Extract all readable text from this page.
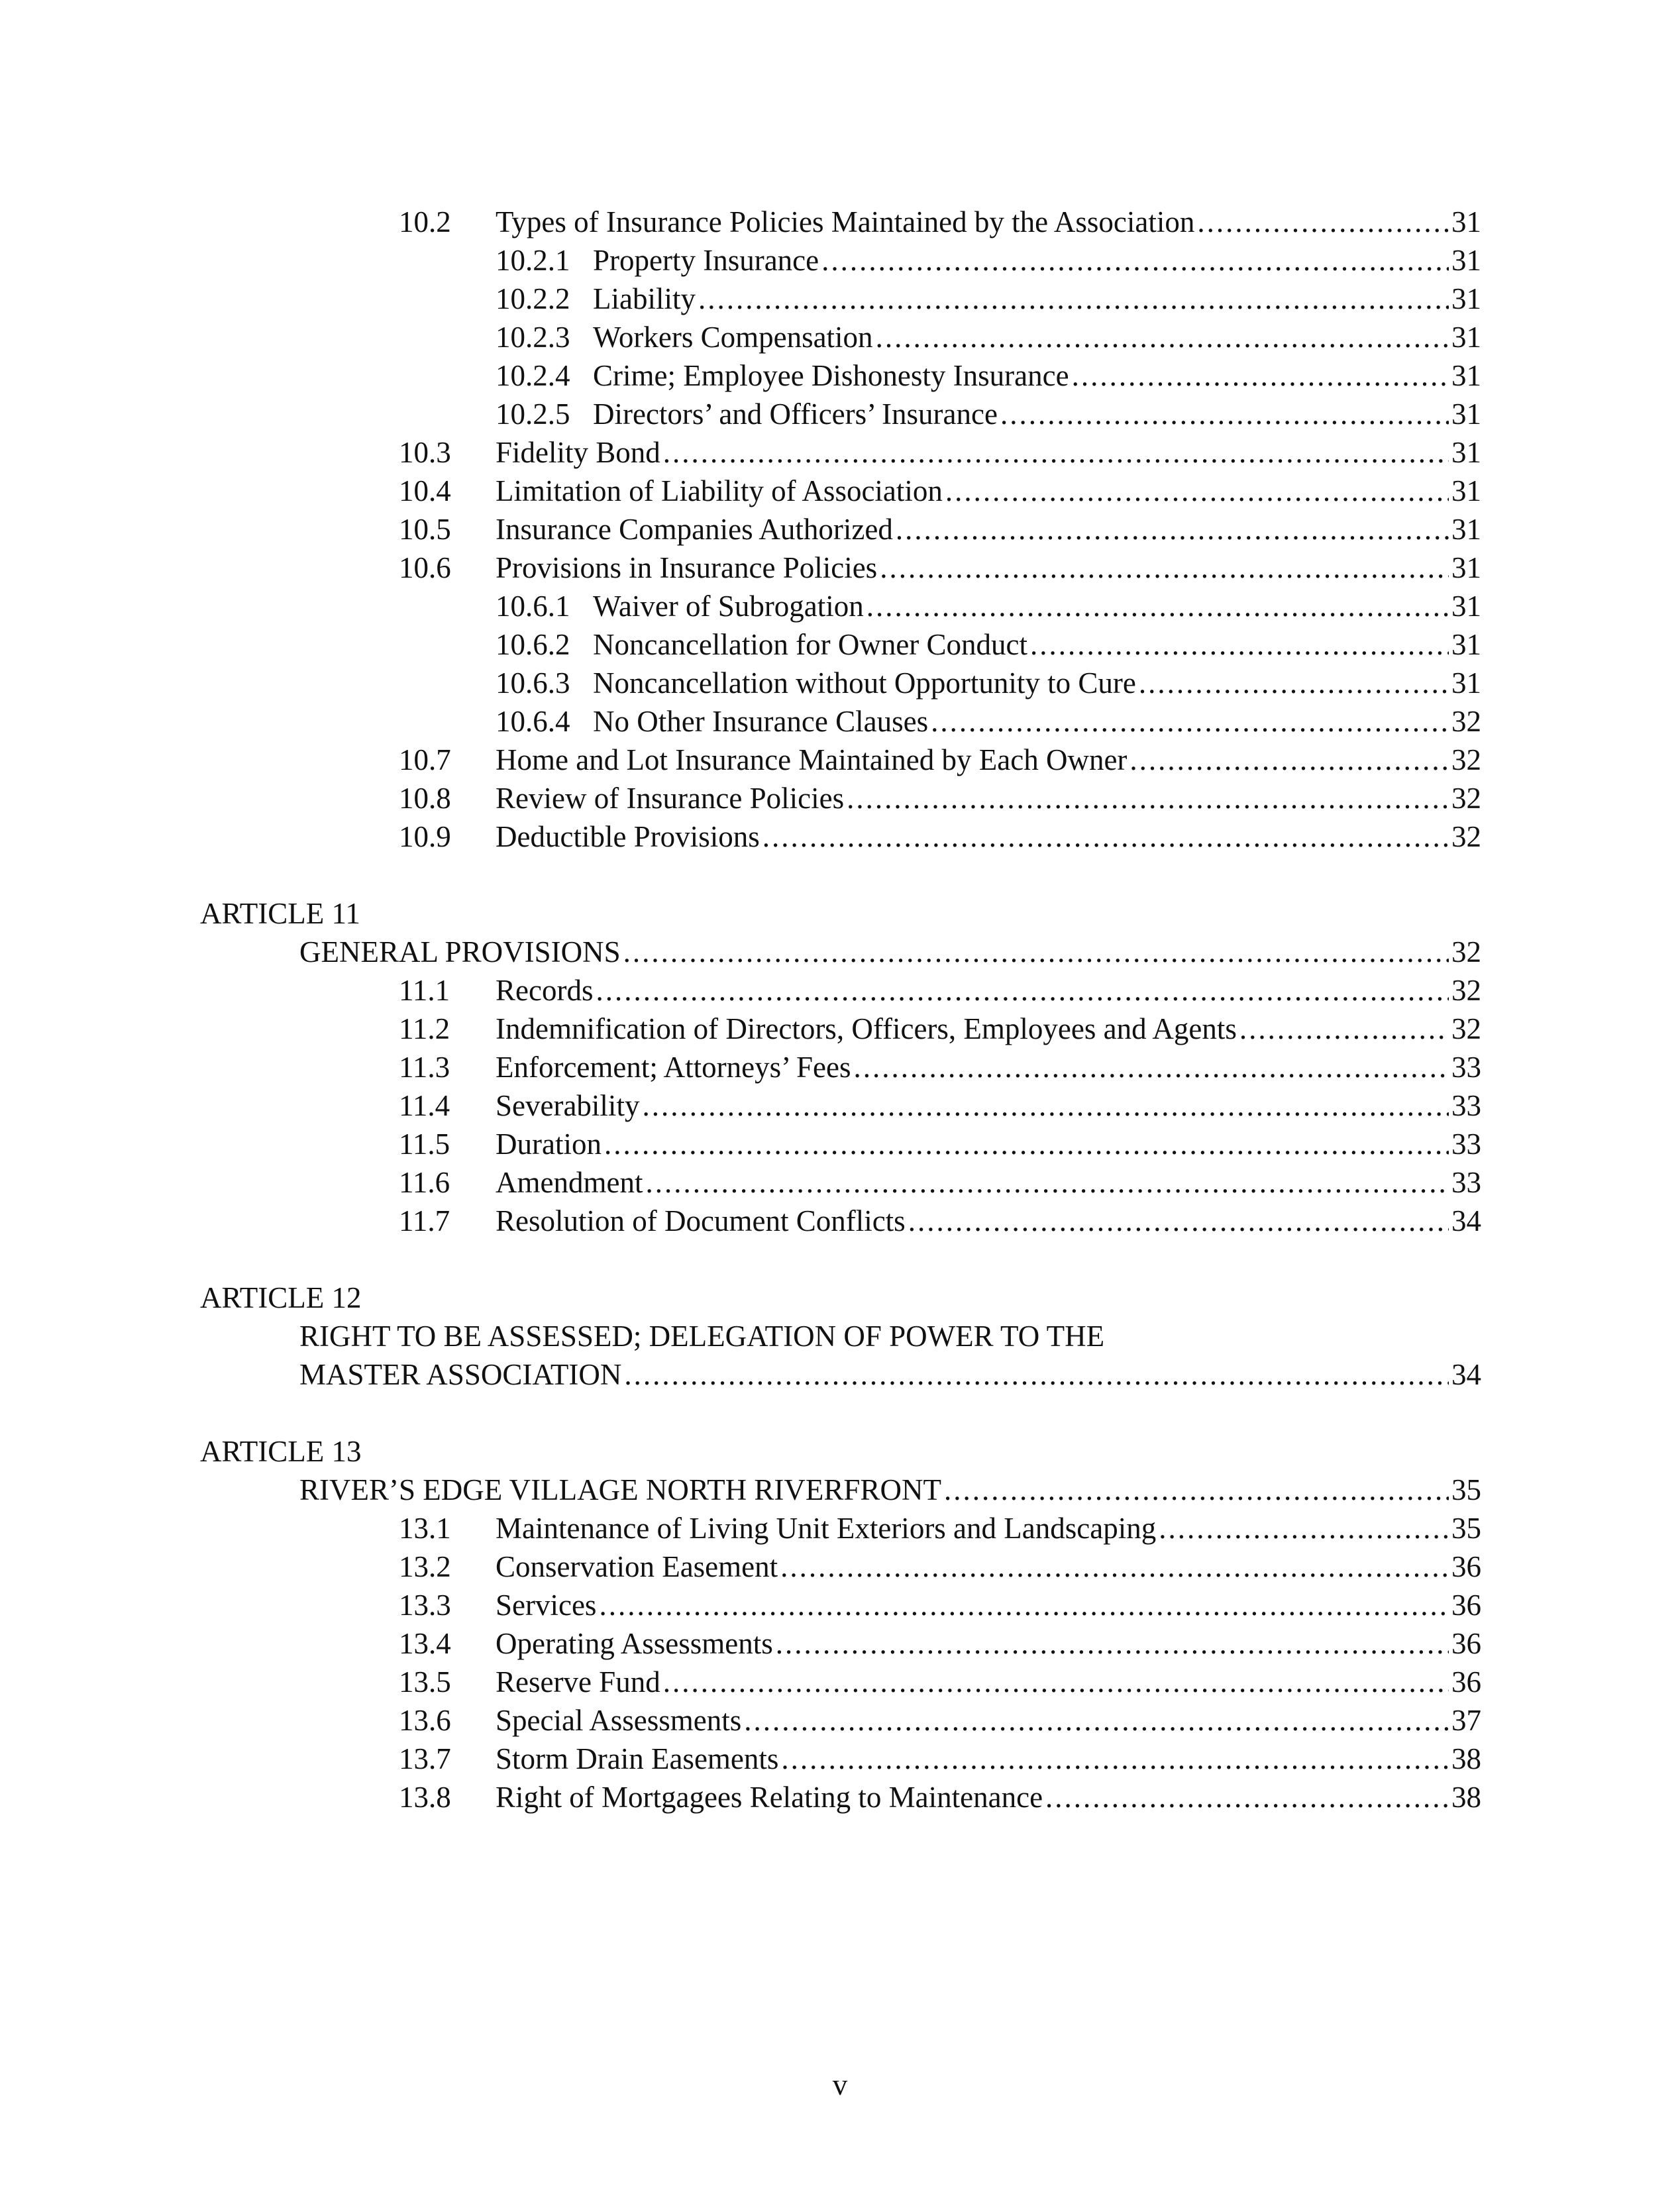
10.2 Types of Insurance Policies Maintained by the Association .....	31
10.2.1 Property Insurance .....	31
10.2.2 Liability .....	31
10.2.3 Workers Compensation .....	31
10.2.4 Crime; Employee Dishonesty Insurance .....	31
10.2.5 Directors’ and Officers’ Insurance .....	31
10.3 Fidelity Bond .....	31
10.4 Limitation of Liability of Association .....	31
10.5 Insurance Companies Authorized .....	31
10.6 Provisions in Insurance Policies .....	31
10.6.1 Waiver of Subrogation .....	31
10.6.2 Noncancellation for Owner Conduct .....	31
10.6.3 Noncancellation without Opportunity to Cure .....	31
10.6.4 No Other Insurance Clauses .....	32
10.7 Home and Lot Insurance Maintained by Each Owner .....	32
10.8 Review of Insurance Policies .....	32
10.9 Deductible Provisions .....	32
ARTICLE 11
GENERAL PROVISIONS .....	32
11.1 Records .....	32
11.2 Indemnification of Directors, Officers, Employees and Agents .....	32
11.3 Enforcement; Attorneys’ Fees .....	33
11.4 Severability .....	33
11.5 Duration .....	33
11.6 Amendment .....	33
11.7 Resolution of Document Conflicts .....	34
ARTICLE 12
RIGHT TO BE ASSESSED; DELEGATION OF POWER TO THE
MASTER ASSOCIATION .....	34
ARTICLE 13
RIVER’S EDGE VILLAGE NORTH RIVERFRONT .....	35
13.1 Maintenance of Living Unit Exteriors and Landscaping .....	35
13.2 Conservation Easement .....	36
13.3 Services .....	36
13.4 Operating Assessments .....	36
13.5 Reserve Fund .....	36
13.6 Special Assessments .....	37
13.7 Storm Drain Easements .....	38
13.8 Right of Mortgagees Relating to Maintenance .....	38
v
